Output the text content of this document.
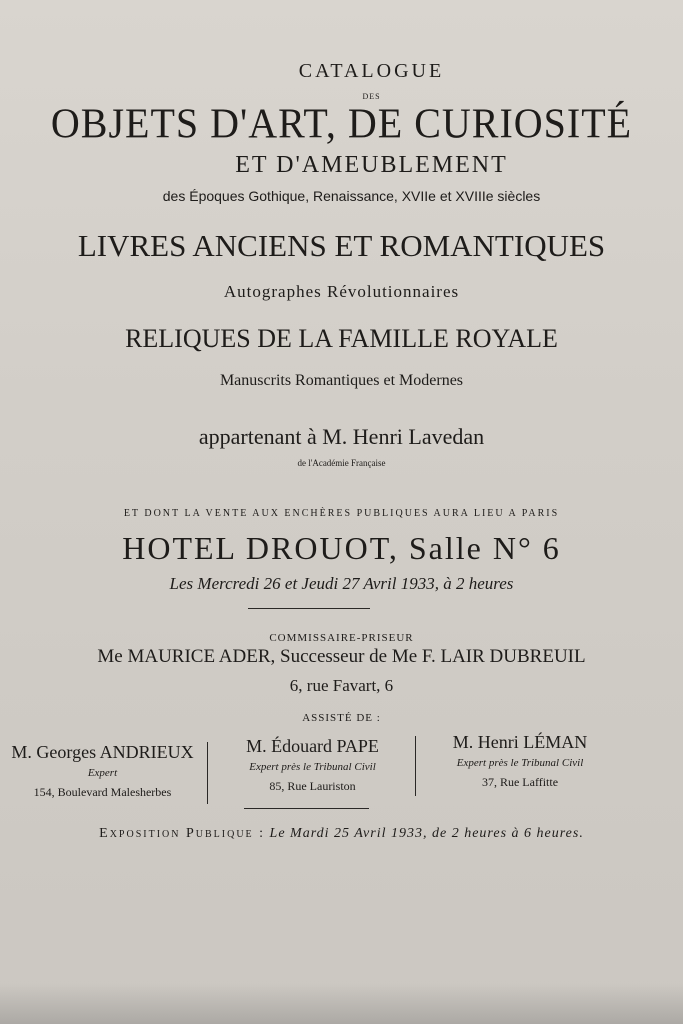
CATALOGUE
DES
OBJETS D'ART, DE CURIOSITÉ
ET D'AMEUBLEMENT
des Époques Gothique, Renaissance, XVIIe et XVIIIe siècles
LIVRES ANCIENS ET ROMANTIQUES
Autographes Révolutionnaires
RELIQUES DE LA FAMILLE ROYALE
Manuscrits Romantiques et Modernes
appartenant à M. Henri Lavedan
de l'Académie Française
ET DONT LA VENTE AUX ENCHÈRES PUBLIQUES AURA LIEU A PARIS
HOTEL DROUOT, Salle N° 6
Les Mercredi 26 et Jeudi 27 Avril 1933, à 2 heures
COMMISSAIRE-PRISEUR
Me MAURICE ADER, Successeur de Me F. LAIR DUBREUIL
6, rue Favart, 6
ASSISTÉ DE :
M. Georges ANDRIEUX
Expert
154, Boulevard Malesherbes
M. Édouard PAPE
Expert près le Tribunal Civil
85, Rue Lauriston
M. Henri LÉMAN
Expert près le Tribunal Civil
37, Rue Laffitte
Exposition Publique : Le Mardi 25 Avril 1933, de 2 heures à 6 heures.
